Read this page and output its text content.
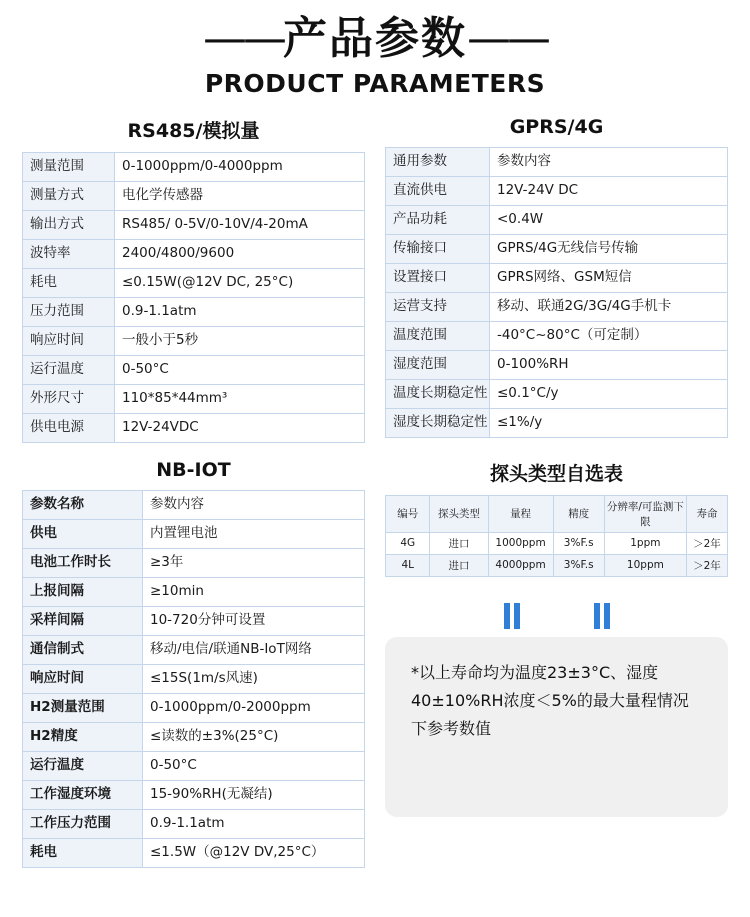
——产品参数——
PRODUCT PARAMETERS
RS485/模拟量
测量范围	0-1000ppm/0-4000ppm
测量方式	电化学传感器
输出方式	RS485/ 0-5V/0-10V/4-20mA
波特率	2400/4800/9600
耗电	≤0.15W(@12V DC, 25°C)
压力范围	0.9-1.1atm
响应时间	一般小于5秒
运行温度	0-50°C
外形尺寸	110*85*44mm³
供电电源	12V-24VDC
GPRS/4G
通用参数	参数内容
直流供电	12V-24V DC
产品功耗	<0.4W
传输接口	GPRS/4G无线信号传输
设置接口	GPRS网络、GSM短信
运营支持	移动、联通2G/3G/4G手机卡
温度范围	-40°C~80°C（可定制）
湿度范围	0-100%RH
温度长期稳定性	≤0.1°C/y
湿度长期稳定性	≤1%/y
NB-IOT
参数名称	参数内容
供电	内置锂电池
电池工作时长	≥3年
上报间隔	≥10min
采样间隔	10-720分钟可设置
通信制式	移动/电信/联通NB-IoT网络
响应时间	≤15S(1m/s风速)
H2测量范围	0-1000ppm/0-2000ppm
H2精度	≤读数的±3%(25°C)
运行温度	0-50°C
工作湿度环境	15-90%RH(无凝结)
工作压力范围	0.9-1.1atm
耗电	≤1.5W（@12V DV,25°C）
探头类型自选表
编号	探头类型	量程	精度	分辨率/可监测下限	寿命
4G	进口	1000ppm	3%F.s	1ppm	＞2年
4L	进口	4000ppm	3%F.s	10ppm	＞2年
*以上寿命均为温度23±3°C、湿度40±10%RH浓度＜5%的最大量程情况下参考数值
